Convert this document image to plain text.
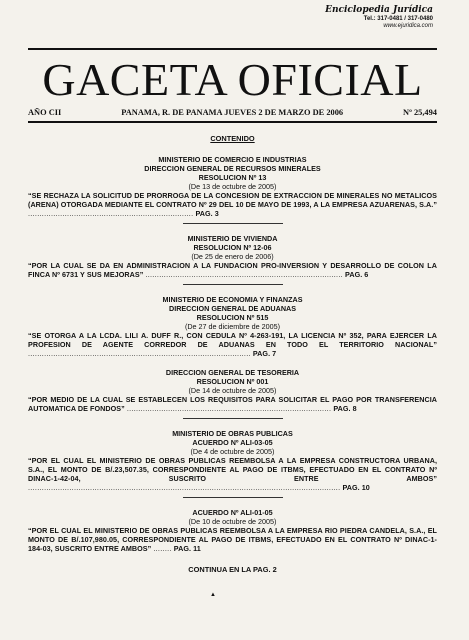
Enciclopedia Jurídica
Tel.: 317-0481 / 317-0480
www.ejuridica.com
GACETA OFICIAL
AÑO CII	PANAMA, R. DE PANAMA JUEVES 2 DE MARZO DE 2006	Nº 25,494
CONTENIDO
MINISTERIO DE COMERCIO E INDUSTRIAS
DIRECCION GENERAL DE RECURSOS MINERALES
RESOLUCION Nº 13
(De 13 de octubre de 2005)
“SE RECHAZA LA SOLICITUD DE PRORROGA DE LA CONCESION DE EXTRACCION DE MINERALES NO METALICOS (ARENA) OTORGADA MEDIANTE EL CONTRATO Nº 29 DEL 10 DE MAYO DE 1993, A LA EMPRESA AZUARENAS, S.A.” ........................................................................ PAG. 3
MINISTERIO DE VIVIENDA
RESOLUCION Nº 12-06
(De 25 de enero de 2006)
“POR LA CUAL SE DA EN ADMINISTRACION A LA FUNDACION PRO-INVERSION Y DESARROLLO DE COLON LA FINCA Nº 6731 Y SUS MEJORAS” ...................................................................................... PAG. 6
MINISTERIO DE ECONOMIA Y FINANZAS
DIRECCION GENERAL DE ADUANAS
RESOLUCION Nº 515
(De 27 de diciembre de 2005)
“SE OTORGA A LA LCDA. LILI A. DUFF R., CON CEDULA Nº 4-263-191, LA LICENCIA Nº 352, PARA EJERCER LA PROFESION DE AGENTE CORREDOR DE ADUANAS EN TODO EL TERRITORIO NACIONAL” ................................................................................................. PAG. 7
DIRECCION GENERAL DE TESORERIA
RESOLUCION Nº 001
(De 14 de octubre de 2005)
“POR MEDIO DE LA CUAL SE ESTABLECEN LOS REQUISITOS PARA SOLICITAR EL PAGO POR TRANSFERENCIA AUTOMATICA DE FONDOS” ......................................................................................... PAG. 8
MINISTERIO DE OBRAS PUBLICAS
ACUERDO Nº ALI-03-05
(De 4 de octubre de 2005)
“POR EL CUAL EL MINISTERIO DE OBRAS PUBLICAS REEMBOLSA A LA EMPRESA CONSTRUCTORA URBANA, S.A., EL MONTO DE B/.23,507.35, CORRESPONDIENTE AL PAGO DE ITBMS, EFECTUADO EN EL CONTRATO Nº DINAC-1-42-04, SUSCRITO ENTRE AMBOS” ........................................................................................................................................ PAG. 10
ACUERDO Nº ALI-01-05
(De 10 de octubre de 2005)
“POR EL CUAL EL MINISTERIO DE OBRAS PUBLICAS REEMBOLSA A LA EMPRESA RIO PIEDRA CANDELA, S.A., EL MONTO DE B/.107,980.05, CORRESPONDIENTE AL PAGO DE ITBMS, EFECTUADO EN EL CONTRATO Nº DINAC-1-184-03, SUSCRITO ENTRE AMBOS” ........ PAG. 11
CONTINUA EN LA PAG. 2
▲
